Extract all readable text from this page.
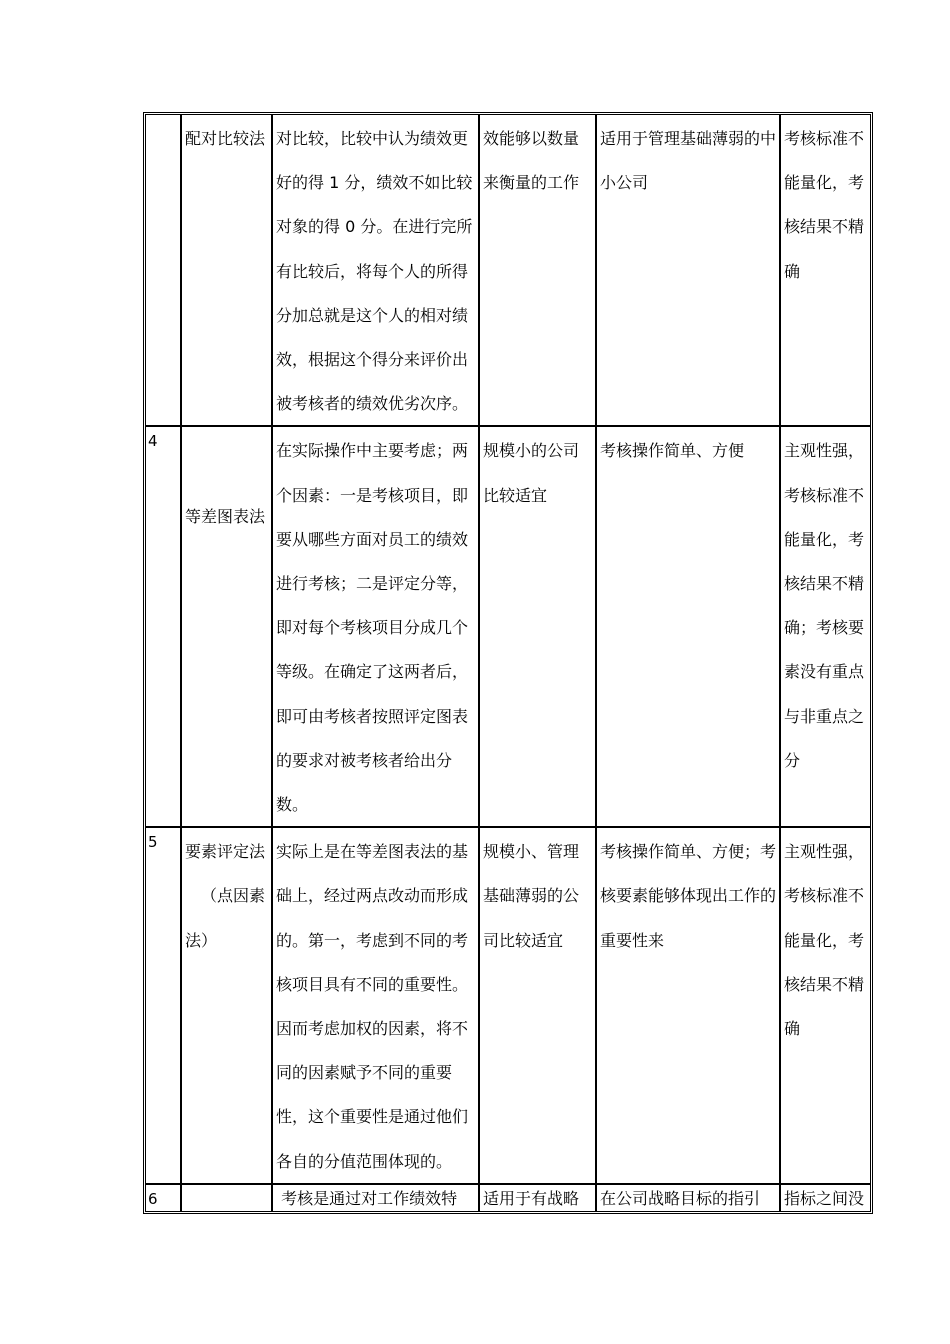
	配对比较法	对比较，比较中认为绩效更好的得 1 分，绩效不如比较对象的得 0 分。在进行完所有比较后，将每个人的所得分加总就是这个人的相对绩效，根据这个得分来评价出被考核者的绩效优劣次序。	效能够以数量来衡量的工作	适用于管理基础薄弱的中小公司	考核标准不能量化，考核结果不精确

4	等差图表法	在实际操作中主要考虑；两个因素：一是考核项目，即要从哪些方面对员工的绩效进行考核；二是评定分等，即对每个考核项目分成几个等级。在确定了这两者后，即可由考核者按照评定图表的要求对被考核者给出分数。	规模小的公司比较适宜	考核操作简单、方便	主观性强，考核标准不能量化，考核结果不精确；考核要素没有重点与非重点之分

5	要素评定法
（点因素
法）	实际上是在等差图表法的基础上，经过两点改动而形成的。第一，考虑到不同的考核项目具有不同的重要性。因而考虑加权的因素，将不同的因素赋予不同的重要性，这个重要性是通过他们各自的分值范围体现的。	规模小、管理基础薄弱的公司比较适宜	考核操作简单、方便；考核要素能够体现出工作的重要性来	主观性强，考核标准不能量化，考核结果不精确

6		考核是通过对工作绩效特	适用于有战略	在公司战略目标的指引	指标之间没
